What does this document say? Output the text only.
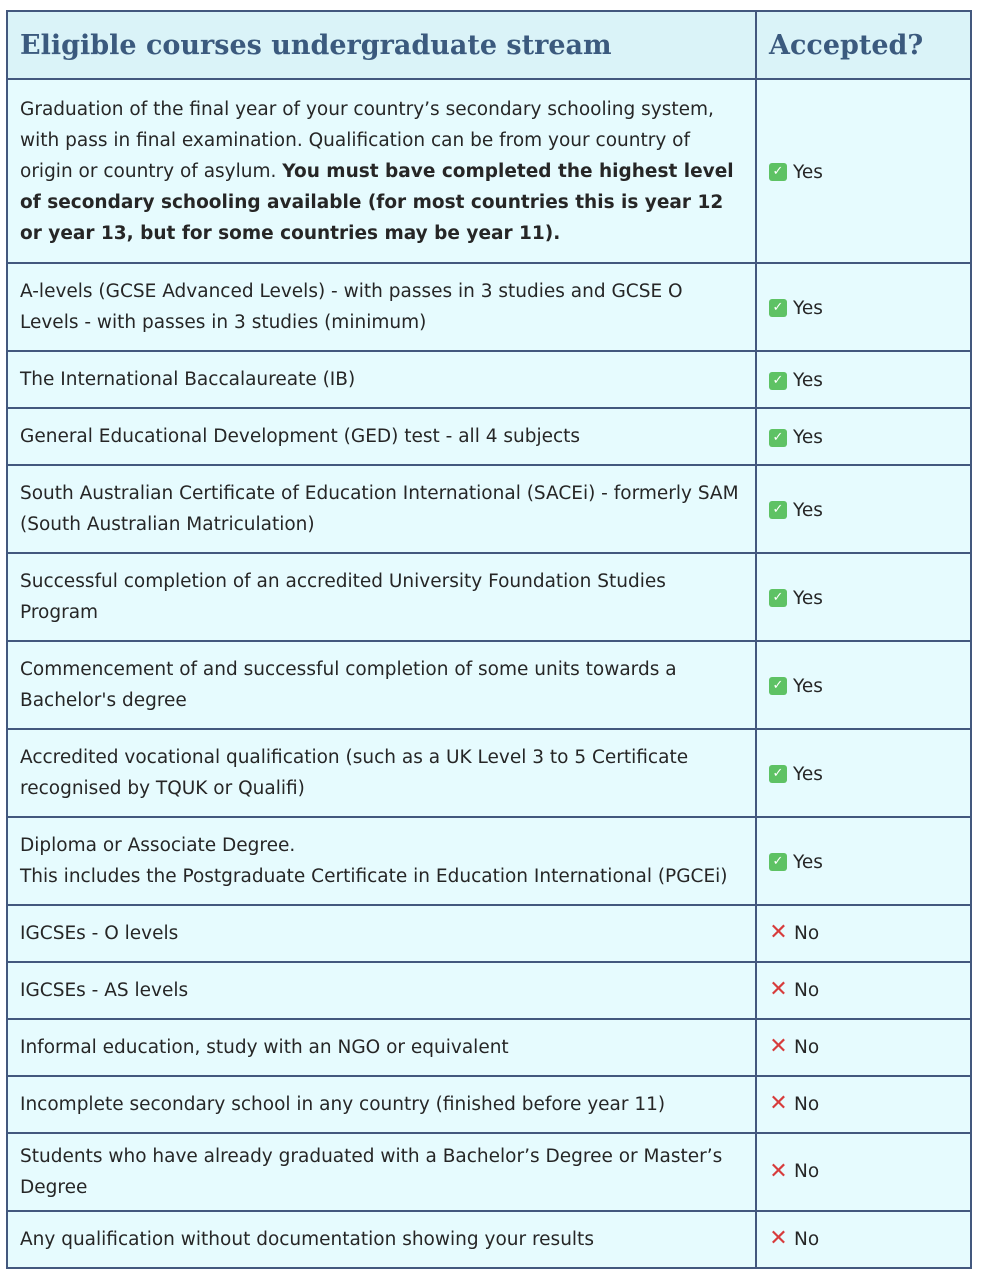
Eligible courses undergraduate stream	Accepted?
Graduation of the final year of your country’s secondary schooling system, with pass in final examination. Qualification can be from your country of origin or country of asylum. You must bave completed the highest level of secondary schooling available (for most countries this is year 12 or year 13, but for some countries may be year 11).	✓ Yes

A-levels (GCSE Advanced Levels) - with passes in 3 studies and GCSE O Levels - with passes in 3 studies (minimum)	✓ Yes

The International Baccalaureate (IB)	✓ Yes

General Educational Development (GED) test - all 4 subjects	✓ Yes

South Australian Certificate of Education International (SACEi) - formerly SAM (South Australian Matriculation)	✓ Yes

Successful completion of an accredited University Foundation Studies Program	✓ Yes

Commencement of and successful completion of some units towards a Bachelor's degree	✓ Yes

Accredited vocational qualification (such as a UK Level 3 to 5 Certificate recognised by TQUK or Qualifi)	✓ Yes

Diploma or Associate Degree.
This includes the Postgraduate Certificate in Education International (PGCEi)	✓ Yes

IGCSEs - O levels	✕ No

IGCSEs - AS levels	✕ No

Informal education, study with an NGO or equivalent	✕ No

Incomplete secondary school in any country (finished before year 11)	✕ No

Students who have already graduated with a Bachelor’s Degree or Master’s Degree	✕ No

Any qualification without documentation showing your results	✕ No
